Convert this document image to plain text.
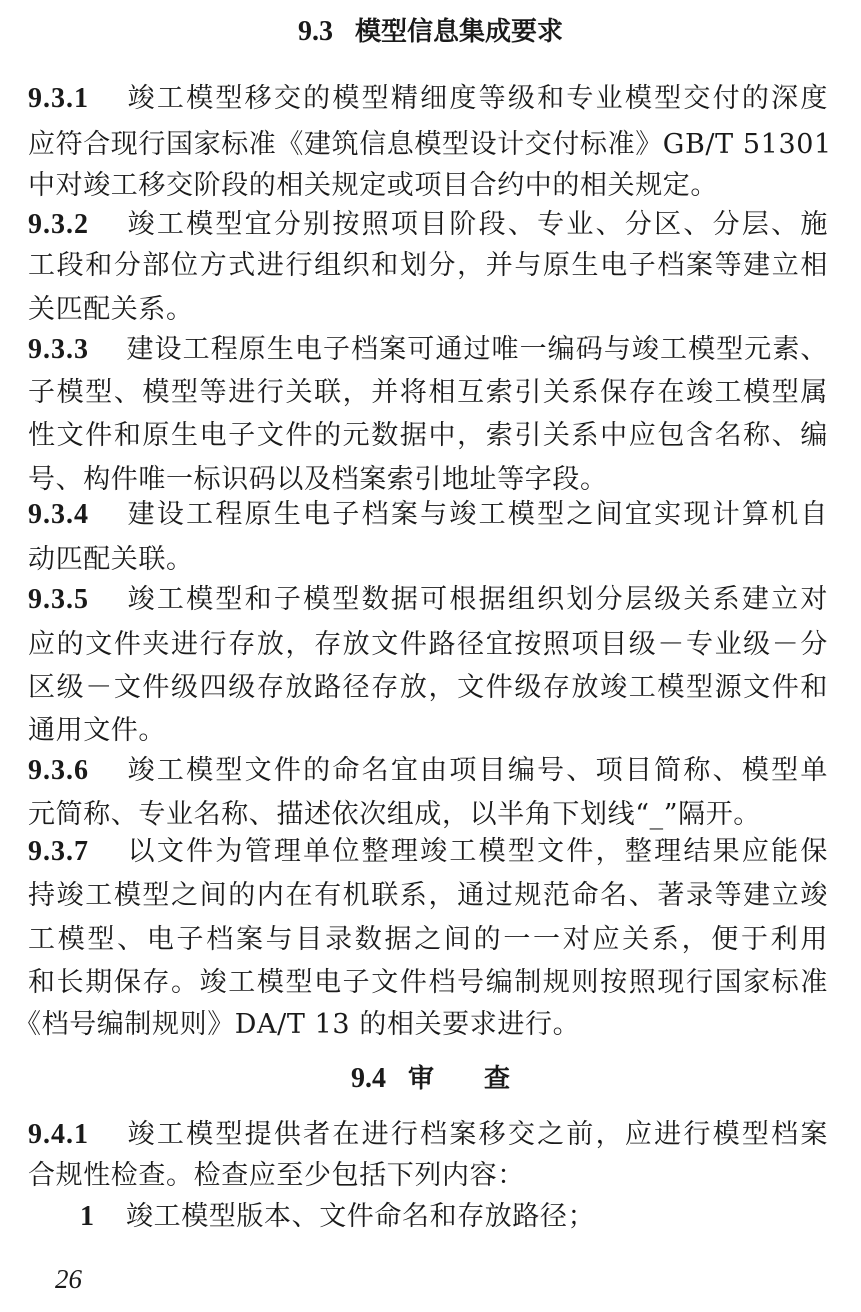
9.3 模型信息集成要求
9.3.1 竣工模型移交的模型精细度等级和专业模型交付的深度
应符合现行国家标准《建筑信息模型设计交付标准》GB/T 51301
中对竣工移交阶段的相关规定或项目合约中的相关规定。
9.3.2 竣工模型宜分别按照项目阶段、专业、分区、分层、施
工段和分部位方式进行组织和划分，并与原生电子档案等建立相
关匹配关系。
9.3.3 建设工程原生电子档案可通过唯一编码与竣工模型元素、
子模型、模型等进行关联，并将相互索引关系保存在竣工模型属
性文件和原生电子文件的元数据中，索引关系中应包含名称、编
号、构件唯一标识码以及档案索引地址等字段。
9.3.4 建设工程原生电子档案与竣工模型之间宜实现计算机自
动匹配关联。
9.3.5 竣工模型和子模型数据可根据组织划分层级关系建立对
应的文件夹进行存放，存放文件路径宜按照项目级－专业级－分
区级－文件级四级存放路径存放，文件级存放竣工模型源文件和
通用文件。
9.3.6 竣工模型文件的命名宜由项目编号、项目简称、模型单
元简称、专业名称、描述依次组成，以半角下划线“_”隔开。
9.3.7 以文件为管理单位整理竣工模型文件，整理结果应能保
持竣工模型之间的内在有机联系，通过规范命名、著录等建立竣
工模型、电子档案与目录数据之间的一一对应关系，便于利用
和长期保存。竣工模型电子文件档号编制规则按照现行国家标准
《档号编制规则》DA/T 13 的相关要求进行。
9.4 审 查
9.4.1 竣工模型提供者在进行档案移交之前，应进行模型档案
合规性检查。检查应至少包括下列内容：
1 竣工模型版本、文件命名和存放路径；
26
